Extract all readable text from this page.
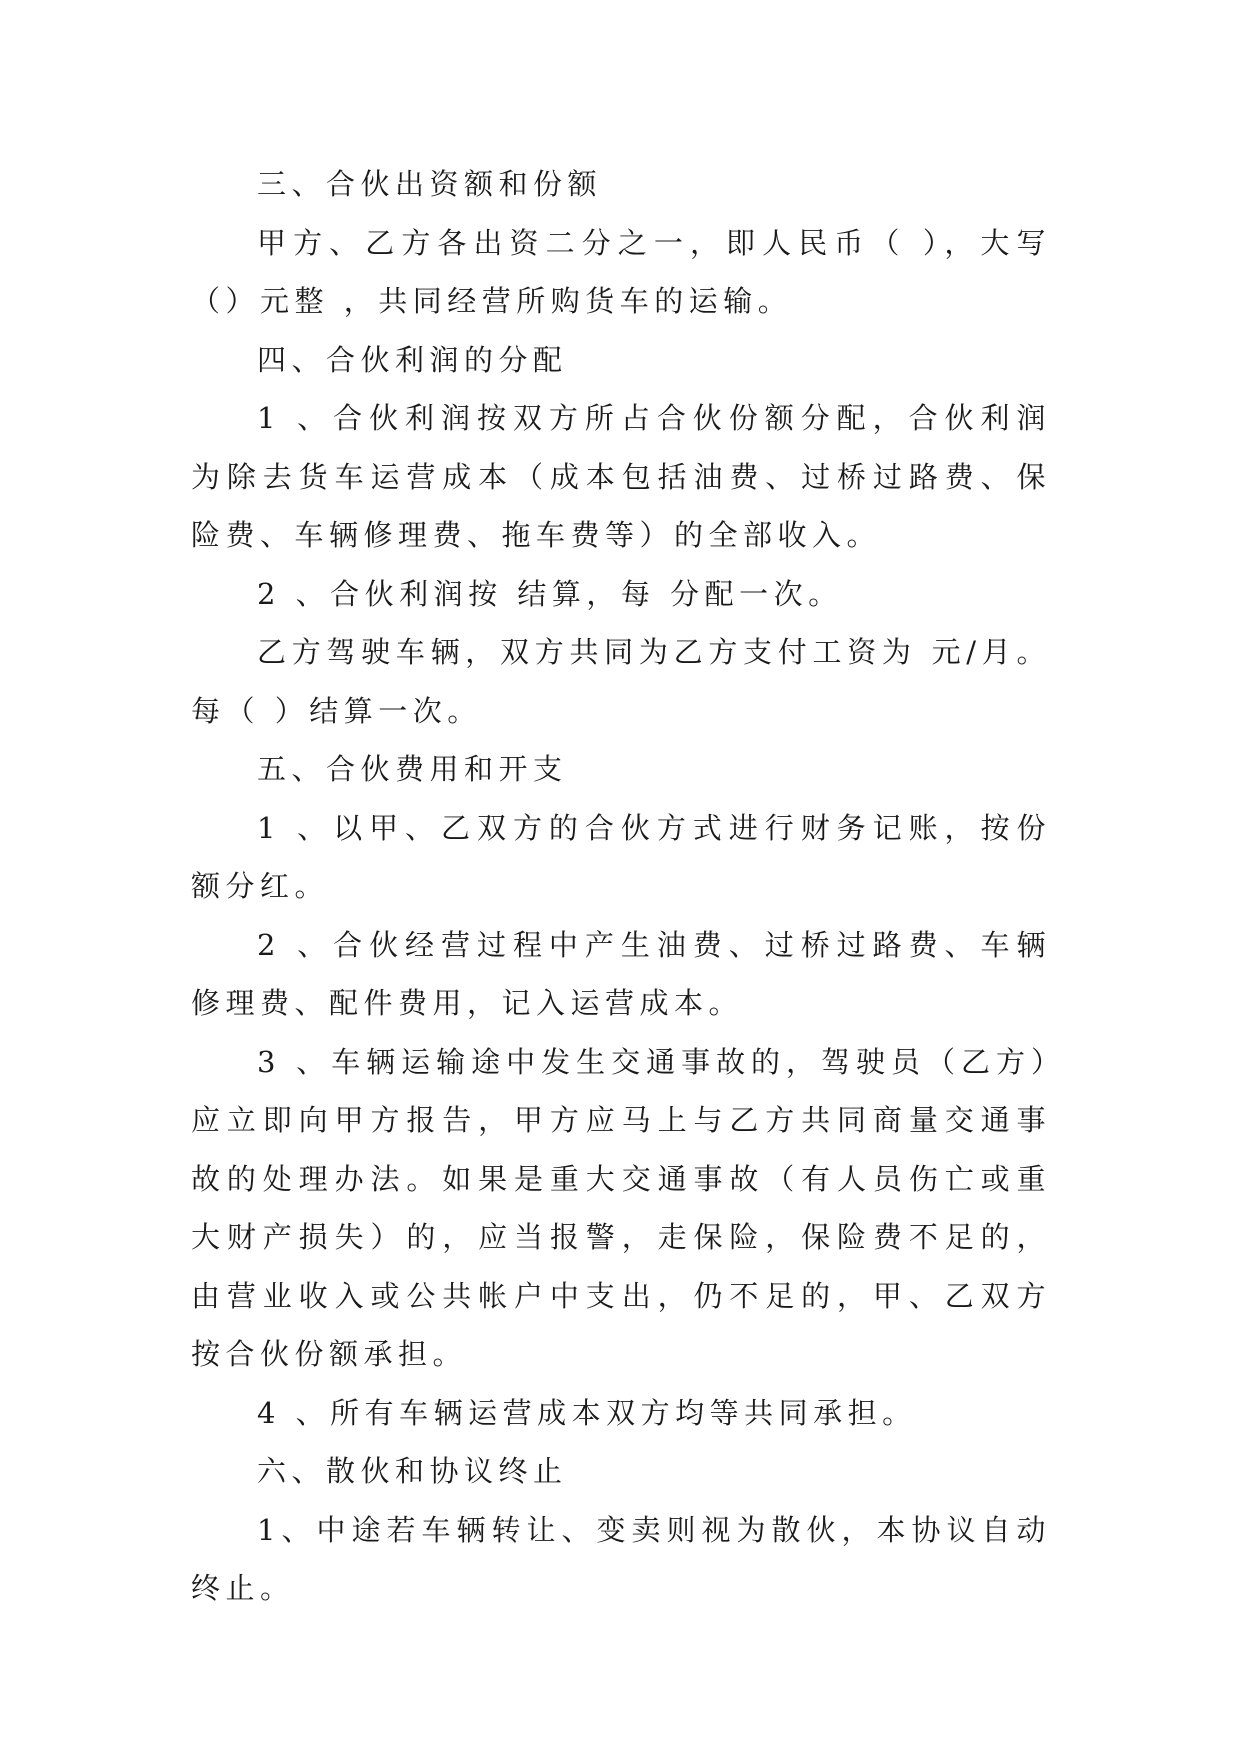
三、合伙出资额和份额

甲方、乙方各出资二分之一，即人民币（ ），大写 （）元整 ，共同经营所购货车的运输。

四、合伙利润的分配

1 、合伙利润按双方所占合伙份额分配，合伙利润为除去货车运营成本（成本包括油费、过桥过路费、保险费、车辆修理费、拖车费等）的全部收入。

2 、合伙利润按 结算，每 分配一次。

乙方驾驶车辆，双方共同为乙方支付工资为 元/月。每（ ）结算一次。

五、合伙费用和开支

1 、以甲、乙双方的合伙方式进行财务记账，按份额分红。

2 、合伙经营过程中产生油费、过桥过路费、车辆修理费、配件费用，记入运营成本。

3 、车辆运输途中发生交通事故的，驾驶员（乙方）应立即向甲方报告，甲方应马上与乙方共同商量交通事故的处理办法。如果是重大交通事故（有人员伤亡或重大财产损失）的，应当报警，走保险，保险费不足的，由营业收入或公共帐户中支出，仍不足的，甲、乙双方按合伙份额承担。

4 、所有车辆运营成本双方均等共同承担。

六、散伙和协议终止

1、中途若车辆转让、变卖则视为散伙，本协议自动终止。
